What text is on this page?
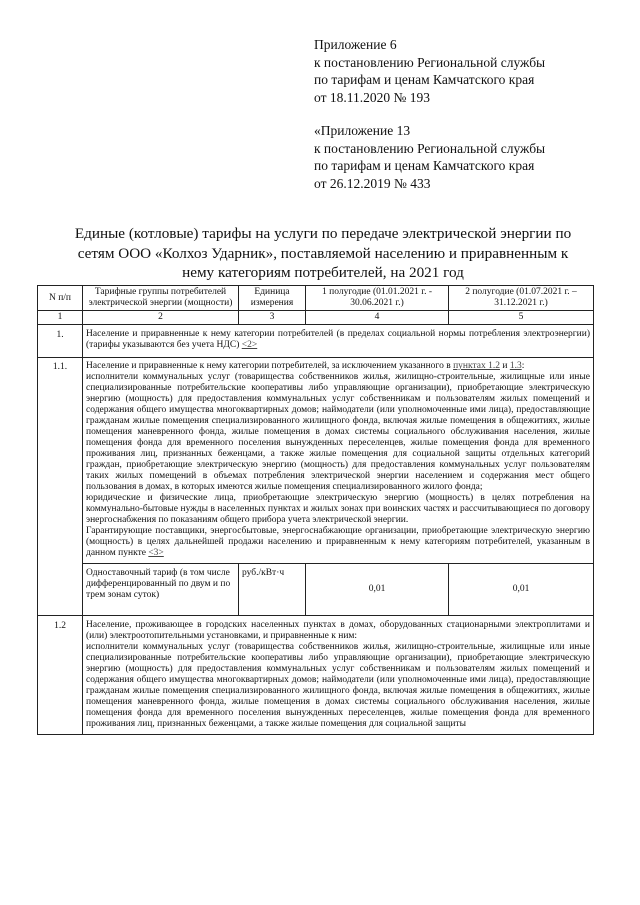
Приложение 6
к постановлению Региональной службы
по тарифам и ценам Камчатского края
от 18.11.2020 № 193
«Приложение 13
к постановлению Региональной службы
по тарифам и ценам Камчатского края
от 26.12.2019 № 433
Единые (котловые) тарифы на услуги по передаче электрической энергии по
сетям ООО «Колхоз Ударник», поставляемой населению и приравненным к
нему категориям потребителей, на 2021 год
N п/п	Тарифные группы потребителей электрической энергии (мощности)	Единица измерения	1 полугодие (01.01.2021 г. - 30.06.2021 г.)	2 полугодие (01.07.2021 г. – 31.12.2021 г.)
1	2	3	4	5
1.	Население и приравненные к нему категории потребителей (в пределах социальной нормы потребления электроэнергии) (тарифы указываются без учета НДС) <2>			
1.1.	Население и приравненные к нему категории потребителей, за исключением указанного в пунктах 1.2 и 1.3:

исполнители коммунальных услуг (товарищества собственников жилья, жилищно-строительные, жилищные или иные специализированные потребительские кооперативы либо управляющие организации), приобретающие электрическую энергию (мощность) для предоставления коммунальных услуг собственникам и пользователям жилых помещений и содержания общего имущества многоквартирных домов; наймодатели (или уполномоченные ими лица), предоставляющие гражданам жилые помещения специализированного жилищного фонда, включая жилые помещения в общежитиях, жилые помещения маневренного фонда, жилые помещения в домах системы социального обслуживания населения, жилые помещения фонда для временного поселения вынужденных переселенцев, жилые помещения фонда для временного проживания лиц, признанных беженцами, а также жилые помещения для социальной защиты отдельных категорий граждан, приобретающие электрическую энергию (мощность) для предоставления коммунальных услуг пользователям таких жилых помещений в объемах потребления электрической энергии населением и содержания мест общего пользования в домах, в которых имеются жилые помещения специализированного жилого фонда;

юридические и физические лица, приобретающие электрическую энергию (мощность) в целях потребления на коммунально-бытовые нужды в населенных пунктах и жилых зонах при воинских частях и рассчитывающиеся по договору энергоснабжения по показаниям общего прибора учета электрической энергии.

Гарантирующие поставщики, энергосбытовые, энергоснабжающие организации, приобретающие электрическую энергию (мощность) в целях дальнейшей продажи населению и приравненным к нему категориям потребителей, указанным в данном пункте <3>			

	Одноставочный тариф (в том числе дифференцированный по двум и по трем зонам суток)	руб./кВт·ч	0,01	0,01
1.2	Население, проживающее в городских населенных пунктах в домах, оборудованных стационарными электроплитами и (или) электроотопительными установками, и приравненные к ним:

исполнители коммунальных услуг (товарищества собственников жилья, жилищно-строительные, жилищные или иные специализированные потребительские кооперативы либо управляющие организации), приобретающие электрическую энергию (мощность) для предоставления коммунальных услуг собственникам и пользователям жилых помещений и содержания общего имущества многоквартирных домов; наймодатели (или уполномоченные ими лица), предоставляющие гражданам жилые помещения специализированного жилищного фонда, включая жилые помещения в общежитиях, жилые помещения маневренного фонда, жилые помещения в домах системы социального обслуживания населения, жилые помещения фонда для временного поселения вынужденных переселенцев, жилые помещения фонда для временного проживания лиц, признанных беженцами, а также жилые помещения для социальной защиты			
